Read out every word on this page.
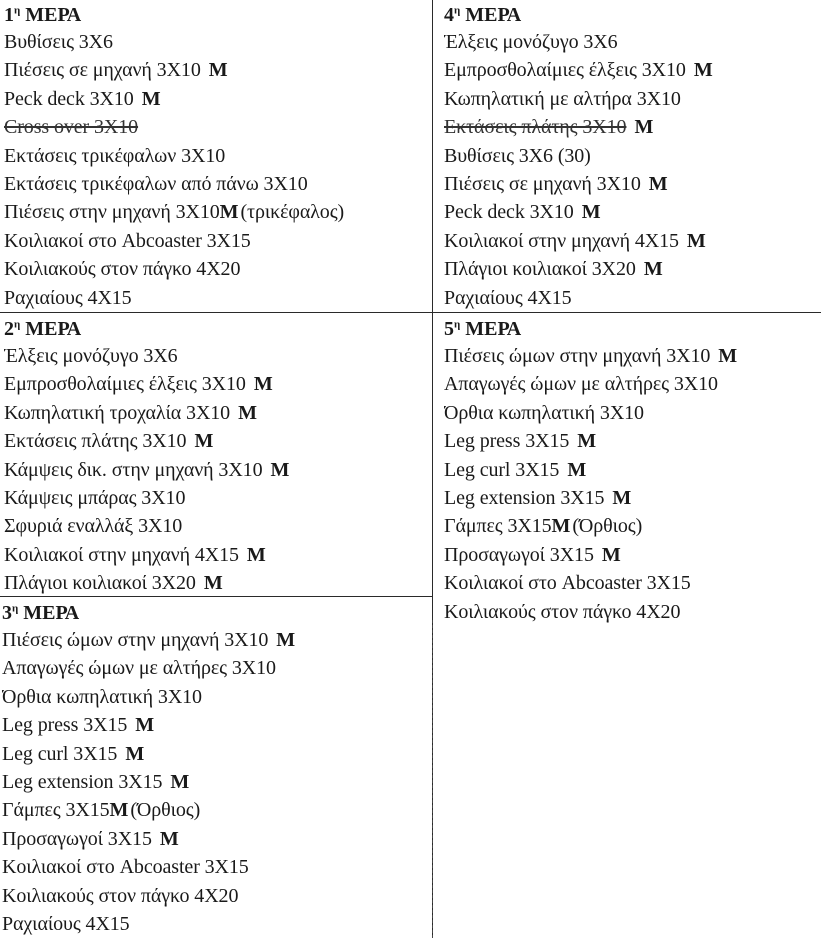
$1^\eta$ ΜΕΡΑ
Βυθίσεις 3Χ6
Πιέσεις σε μηχανή 3Χ10 Μ
Peck deck 3X10 Μ
Cross over 3X10
Εκτάσεις τρικέφαλων 3Χ10
Εκτάσεις τρικέφαλων από πάνω 3Χ10
Πιέσεις στην μηχανή 3Χ10Μ (τρικέφαλος)
Κοιλιακοί στο Abcoaster 3X15
Κοιλιακούς στον πάγκο 4Χ20
Ραχιαίους 4Χ15
$2^\eta$ ΜΕΡΑ
Έλξεις μονόζυγο 3Χ6
Εμπροσθολαίμιες έλξεις 3Χ10 Μ
Κωπηλατική τροχαλία 3Χ10 Μ
Εκτάσεις πλάτης 3Χ10 Μ
Κάμψεις δικ. στην μηχανή 3Χ10 Μ
Κάμψεις μπάρας 3Χ10
Σφυριά εναλλάξ 3Χ10
Κοιλιακοί στην μηχανή 4Χ15 Μ
Πλάγιοι κοιλιακοί 3Χ20 Μ
$3^\eta$ ΜΕΡΑ
Πιέσεις ώμων στην μηχανή 3Χ10 Μ
Απαγωγές ώμων με αλτήρες 3Χ10
Όρθια κωπηλατική 3Χ10
Leg press 3X15 Μ
Leg curl 3X15 Μ
Leg extension 3X15 Μ
Γάμπες 3Χ15Μ (Όρθιος)
Προσαγωγοί 3Χ15 Μ
Κοιλιακοί στο Abcoaster 3X15
Κοιλιακούς στον πάγκο 4Χ20
Ραχιαίους 4Χ15
$4^\eta$ ΜΕΡΑ
Έλξεις μονόζυγο 3Χ6
Εμπροσθολαίμιες έλξεις 3Χ10 Μ
Κωπηλατική με αλτήρα 3Χ10
Εκτάσεις πλάτης 3Χ10 Μ
Βυθίσεις 3Χ6 (30)
Πιέσεις σε μηχανή 3Χ10 Μ
Peck deck 3X10 Μ
Κοιλιακοί στην μηχανή 4Χ15 Μ
Πλάγιοι κοιλιακοί 3Χ20 Μ
Ραχιαίους 4Χ15
$5^\eta$ ΜΕΡΑ
Πιέσεις ώμων στην μηχανή 3Χ10 Μ
Απαγωγές ώμων με αλτήρες 3Χ10
Όρθια κωπηλατική 3Χ10
Leg press 3X15 Μ
Leg curl 3X15 Μ
Leg extension 3X15 Μ
Γάμπες 3Χ15Μ (Όρθιος)
Προσαγωγοί 3Χ15 Μ
Κοιλιακοί στο Abcoaster 3X15
Κοιλιακούς στον πάγκο 4Χ20
